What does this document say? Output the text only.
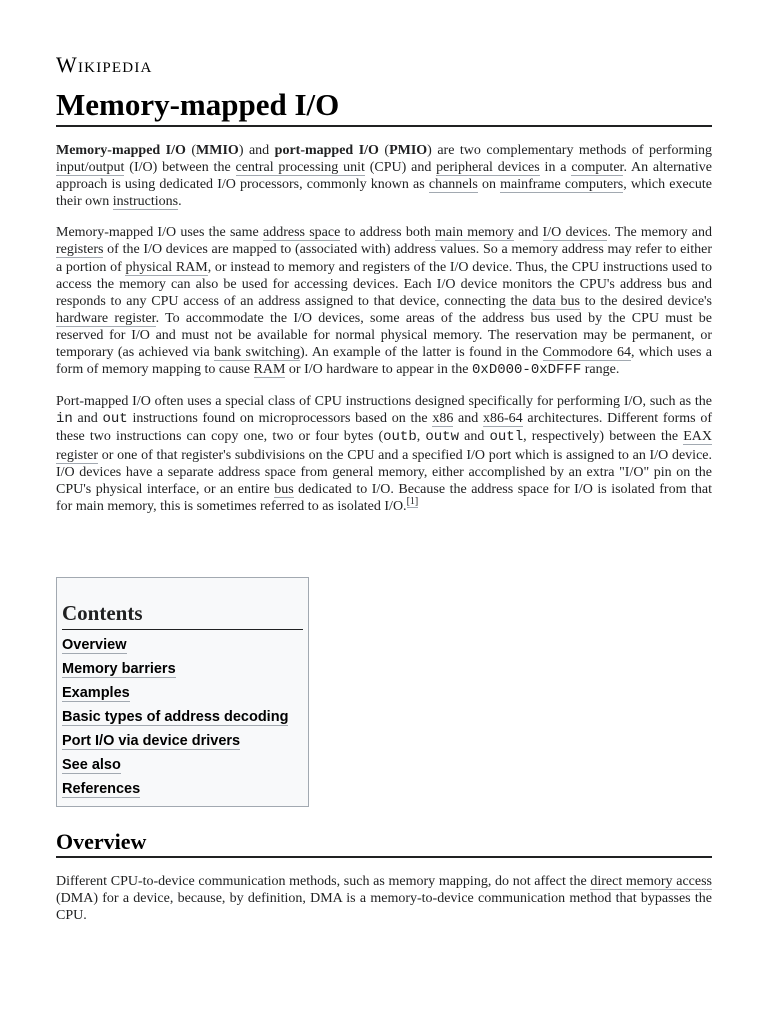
Wikipedia
Memory-mapped I/O

Memory-mapped I/O (MMIO) and port-mapped I/O (PMIO) are two complementary methods of performing input/output (I/O) between the central processing unit (CPU) and peripheral devices in a computer. An alternative approach is using dedicated I/O processors, commonly known as channels on mainframe computers, which execute their own instructions.

Memory-mapped I/O uses the same address space to address both main memory and I/O devices. The memory and registers of the I/O devices are mapped to (associated with) address values. So a memory address may refer to either a portion of physical RAM, or instead to memory and registers of the I/O device. Thus, the CPU instructions used to access the memory can also be used for accessing devices. Each I/O device monitors the CPU's address bus and responds to any CPU access of an address assigned to that device, connecting the data bus to the desired device's hardware register. To accommodate the I/O devices, some areas of the address bus used by the CPU must be reserved for I/O and must not be available for normal physical memory. The reservation may be permanent, or temporary (as achieved via bank switching). An example of the latter is found in the Commodore 64, which uses a form of memory mapping to cause RAM or I/O hardware to appear in the 0xD000-0xDFFF range.

Port-mapped I/O often uses a special class of CPU instructions designed specifically for performing I/O, such as the in and out instructions found on microprocessors based on the x86 and x86-64 architectures. Different forms of these two instructions can copy one, two or four bytes (outb, outw and outl, respectively) between the EAX register or one of that register's subdivisions on the CPU and a specified I/O port which is assigned to an I/O device. I/O devices have a separate address space from general memory, either accomplished by an extra "I/O" pin on the CPU's physical interface, or an entire bus dedicated to I/O. Because the address space for I/O is isolated from that for main memory, this is sometimes referred to as isolated I/O.[1]

Contents
Overview
Memory barriers
Examples
Basic types of address decoding
Port I/O via device drivers
See also
References
Overview

Different CPU-to-device communication methods, such as memory mapping, do not affect the direct memory access (DMA) for a device, because, by definition, DMA is a memory-to-device communication method that bypasses the CPU.
